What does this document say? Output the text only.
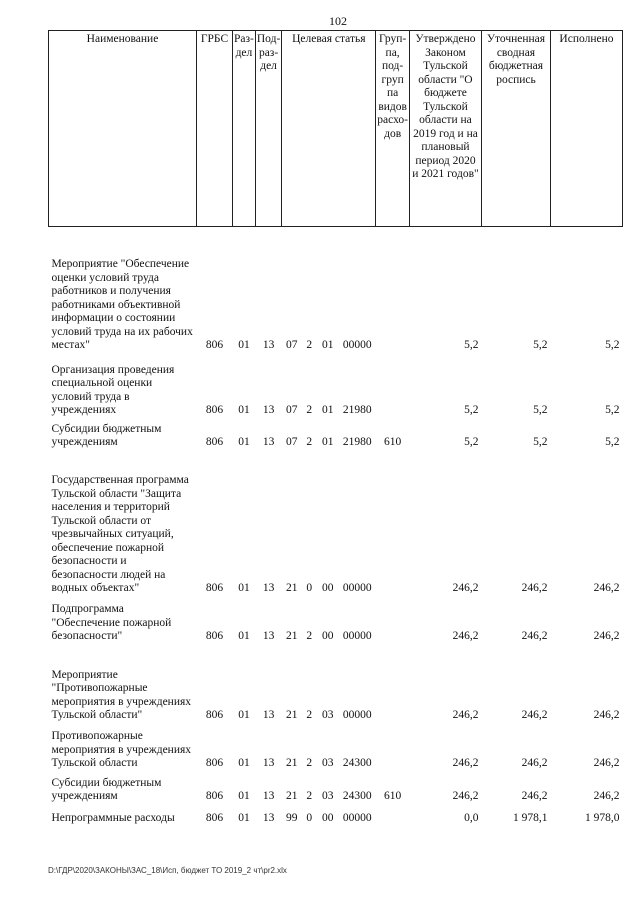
102
Наименование	ГРБС	Раз-дел	Под-раз-дел	Целевая статья				Груп-па, под-груп па видов расхо-дов	Утверждено Законом Тульской области "О бюджете Тульской области на 2019 год и на плановый период 2020 и 2021 годов"	Уточненная сводная бюджетная роспись	Исполнено
Мероприятие "Обеспечение оценки условий труда работников и получения работниками объективной информации о состоянии условий труда на их рабочих местах"	806	01	13	07	2	01	00000		5,2	5,2	5,2
Организация проведения специальной оценки условий труда в учреждениях	806	01	13	07	2	01	21980		5,2	5,2	5,2
Субсидии бюджетным учреждениям	806	01	13	07	2	01	21980	610	5,2	5,2	5,2
Государственная программа Тульской области "Защита населения и территорий Тульской области от чрезвычайных ситуаций, обеспечение пожарной безопасности и безопасности людей на водных объектах"	806	01	13	21	0	00	00000		246,2	246,2	246,2
Подпрограмма "Обеспечение пожарной безопасности"	806	01	13	21	2	00	00000		246,2	246,2	246,2
Мероприятие "Противопожарные мероприятия в учреждениях Тульской области"	806	01	13	21	2	03	00000		246,2	246,2	246,2
Противопожарные мероприятия в учреждениях Тульской области	806	01	13	21	2	03	24300		246,2	246,2	246,2
Субсидии бюджетным учреждениям	806	01	13	21	2	03	24300	610	246,2	246,2	246,2
Непрограммные расходы	806	01	13	99	0	00	00000		0,0	1 978,1	1 978,0
D:\ГДР\2020\ЗАКОНЫ\ЗАС_18\Исп, бюджет ТО 2019_2 чт\pr2.xlx
